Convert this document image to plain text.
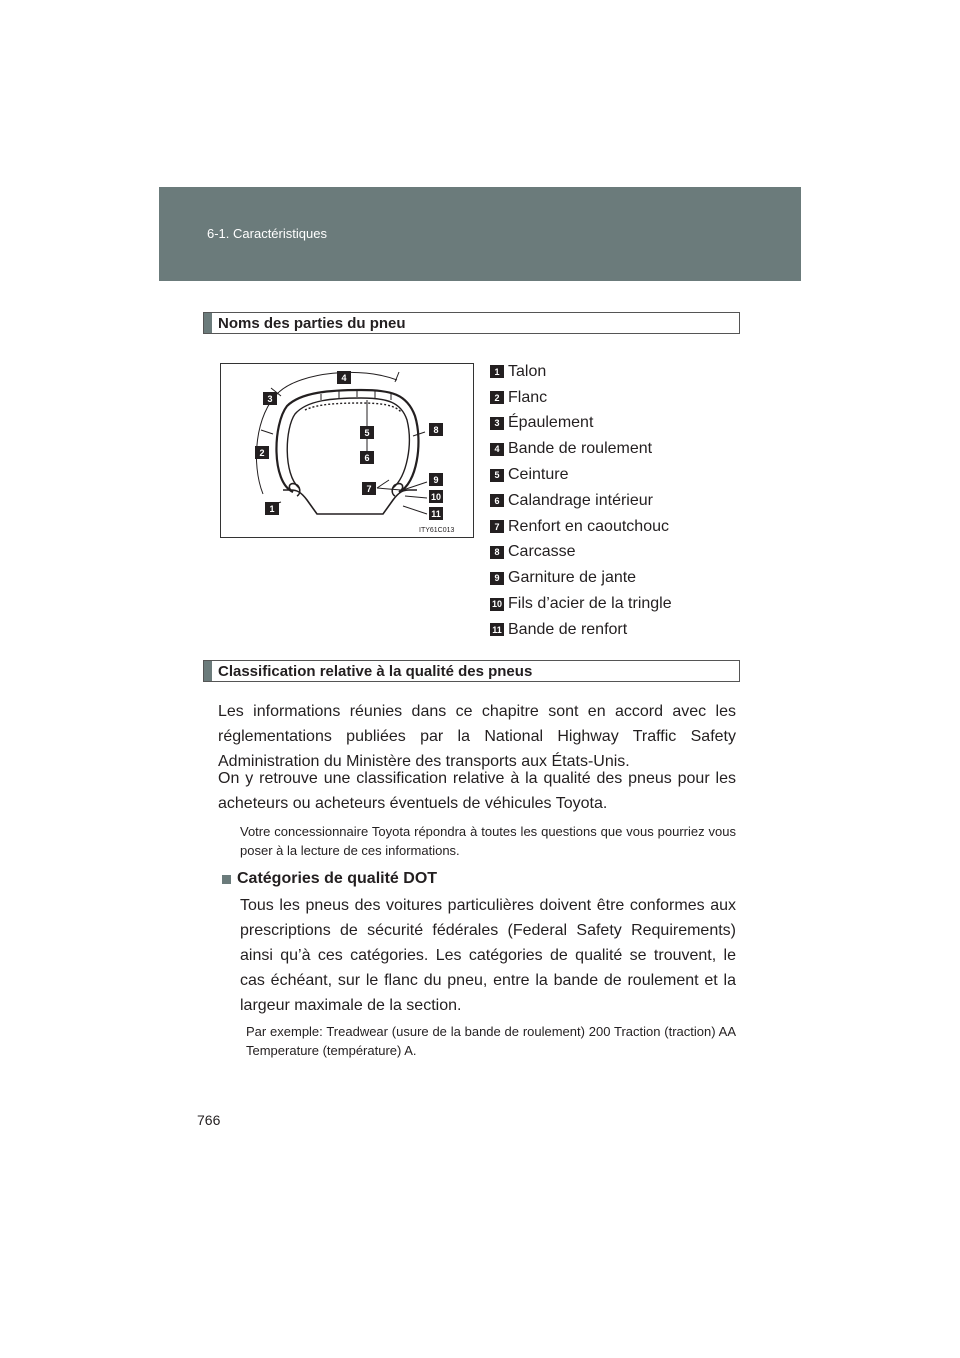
6-1. Caractéristiques
Noms des parties du pneu
1
2
3
4
5
6
7
8
9
10
11
ITY61C013
1 Talon
2 Flanc
3 Épaulement
4 Bande de roulement
5 Ceinture
6 Calandrage intérieur
7 Renfort en caoutchouc
8 Carcasse
9 Garniture de jante
10 Fils d’acier de la tringle
11 Bande de renfort
Classification relative à la qualité des pneus
Les informations réunies dans ce chapitre sont en accord avec les réglementations publiées par la National Highway Traffic Safety Administration du Ministère des transports aux États-Unis.
On y retrouve une classification relative à la qualité des pneus pour les acheteurs ou acheteurs éventuels de véhicules Toyota.
Votre concessionnaire Toyota répondra à toutes les questions que vous pourriez vous poser à la lecture de ces informations.
Catégories de qualité DOT
Tous les pneus des voitures particulières doivent être conformes aux prescriptions de sécurité fédérales (Federal Safety Requirements) ainsi qu’à ces catégories. Les catégories de qualité se trouvent, le cas échéant, sur le flanc du pneu, entre la bande de roulement et la largeur maximale de la section.
Par exemple: Treadwear (usure de la bande de roulement) 200 Traction (traction) AA Temperature (température) A.
766
